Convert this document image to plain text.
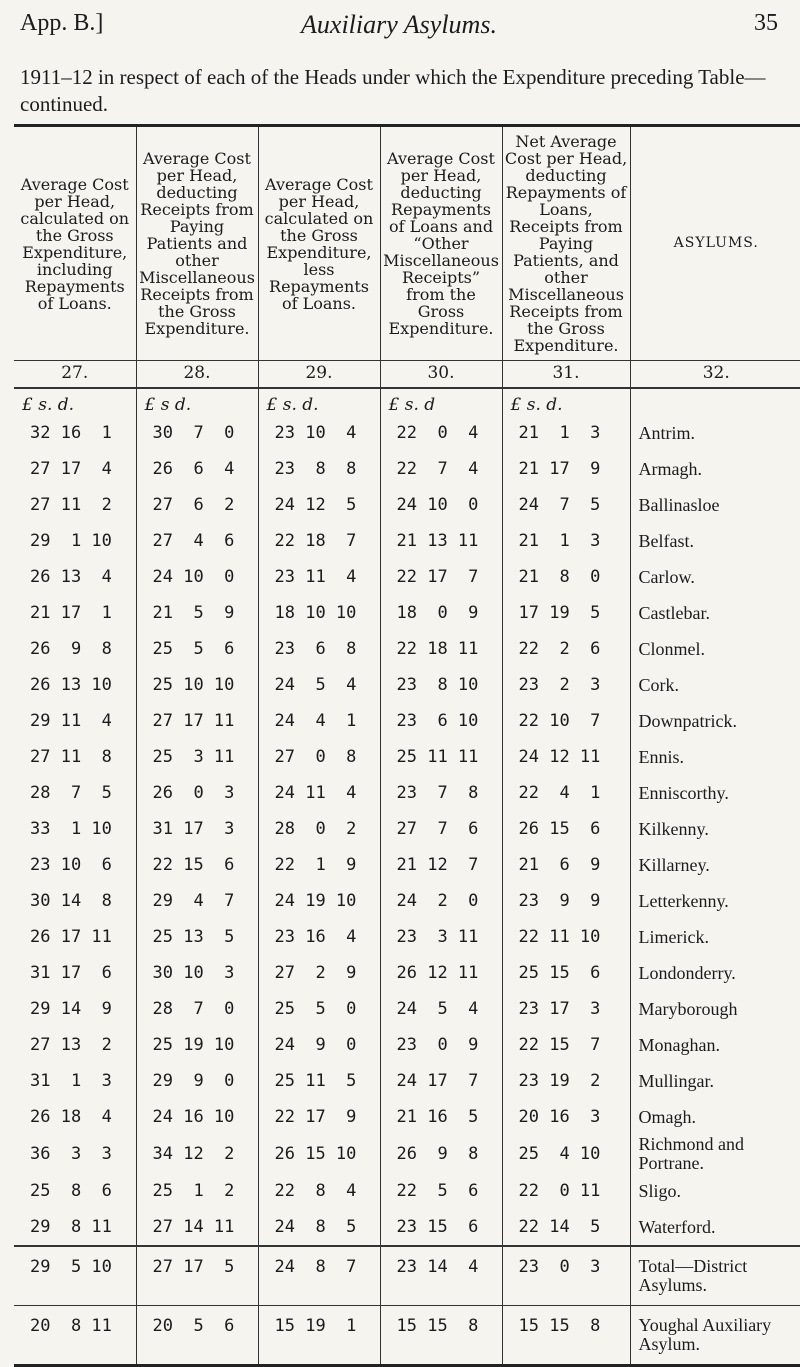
App. B.]	Auxiliary Asylums.	35
1911–12 in respect of each of the Heads under which the Expenditure preceding Table—continued.
Average Cost per Head, calculated on the Gross Expenditure, including Repayments of Loans.	Average Cost per Head, deducting Receipts from Paying Patients and other Miscellaneous Receipts from the Gross Expenditure.	Average Cost per Head, calculated on the Gross Expenditure, less Repayments of Loans.	Average Cost per Head, deducting Repayments of Loans and “Other Miscellaneous Receipts” from the Gross Expenditure.	Net Average Cost per Head, deducting Repayments of Loans, Receipts from Paying Patients, and other Miscellaneous Receipts from the Gross Expenditure.	ASYLUMS.
27.	28.	29.	30.	31.	32.
£ s. d.	£ s d.	£ s. d.	£ s. d	£ s. d.	
32 16  1	30  7  0	23 10  4	22  0  4	21  1  3	Antrim.
27 17  4	26  6  4	23  8  8	22  7  4	21 17  9	Armagh.
27 11  2	27  6  2	24 12  5	24 10  0	24  7  5	Ballinasloe
29  1 10	27  4  6	22 18  7	21 13 11	21  1  3	Belfast.
26 13  4	24 10  0	23 11  4	22 17  7	21  8  0	Carlow.
21 17  1	21  5  9	18 10 10	18  0  9	17 19  5	Castlebar.
26  9  8	25  5  6	23  6  8	22 18 11	22  2  6	Clonmel.
26 13 10	25 10 10	24  5  4	23  8 10	23  2  3	Cork.
29 11  4	27 17 11	24  4  1	23  6 10	22 10  7	Downpatrick.
27 11  8	25  3 11	27  0  8	25 11 11	24 12 11	Ennis.
28  7  5	26  0  3	24 11  4	23  7  8	22  4  1	Enniscorthy.
33  1 10	31 17  3	28  0  2	27  7  6	26 15  6	Kilkenny.
23 10  6	22 15  6	22  1  9	21 12  7	21  6  9	Killarney.
30 14  8	29  4  7	24 19 10	24  2  0	23  9  9	Letterkenny.
26 17 11	25 13  5	23 16  4	23  3 11	22 11 10	Limerick.
31 17  6	30 10  3	27  2  9	26 12 11	25 15  6	Londonderry.
29 14  9	28  7  0	25  5  0	24  5  4	23 17  3	Maryborough
27 13  2	25 19 10	24  9  0	23  0  9	22 15  7	Monaghan.
31  1  3	29  9  0	25 11  5	24 17  7	23 19  2	Mullingar.
26 18  4	24 16 10	22 17  9	21 16  5	20 16  3	Omagh.
36  3  3	34 12  2	26 15 10	26  9  8	25  4 10	Richmond and Portrane.
25  8  6	25  1  2	22  8  4	22  5  6	22  0 11	Sligo.
29  8 11	27 14 11	24  8  5	23 15  6	22 14  5	Waterford.
29  5 10	27 17  5	24  8  7	23 14  4	23  0  3	Total—District Asylums.
20  8 11	20  5  6	15 19  1	15 15  8	15 15  8	Youghal Auxiliary Asylum.
